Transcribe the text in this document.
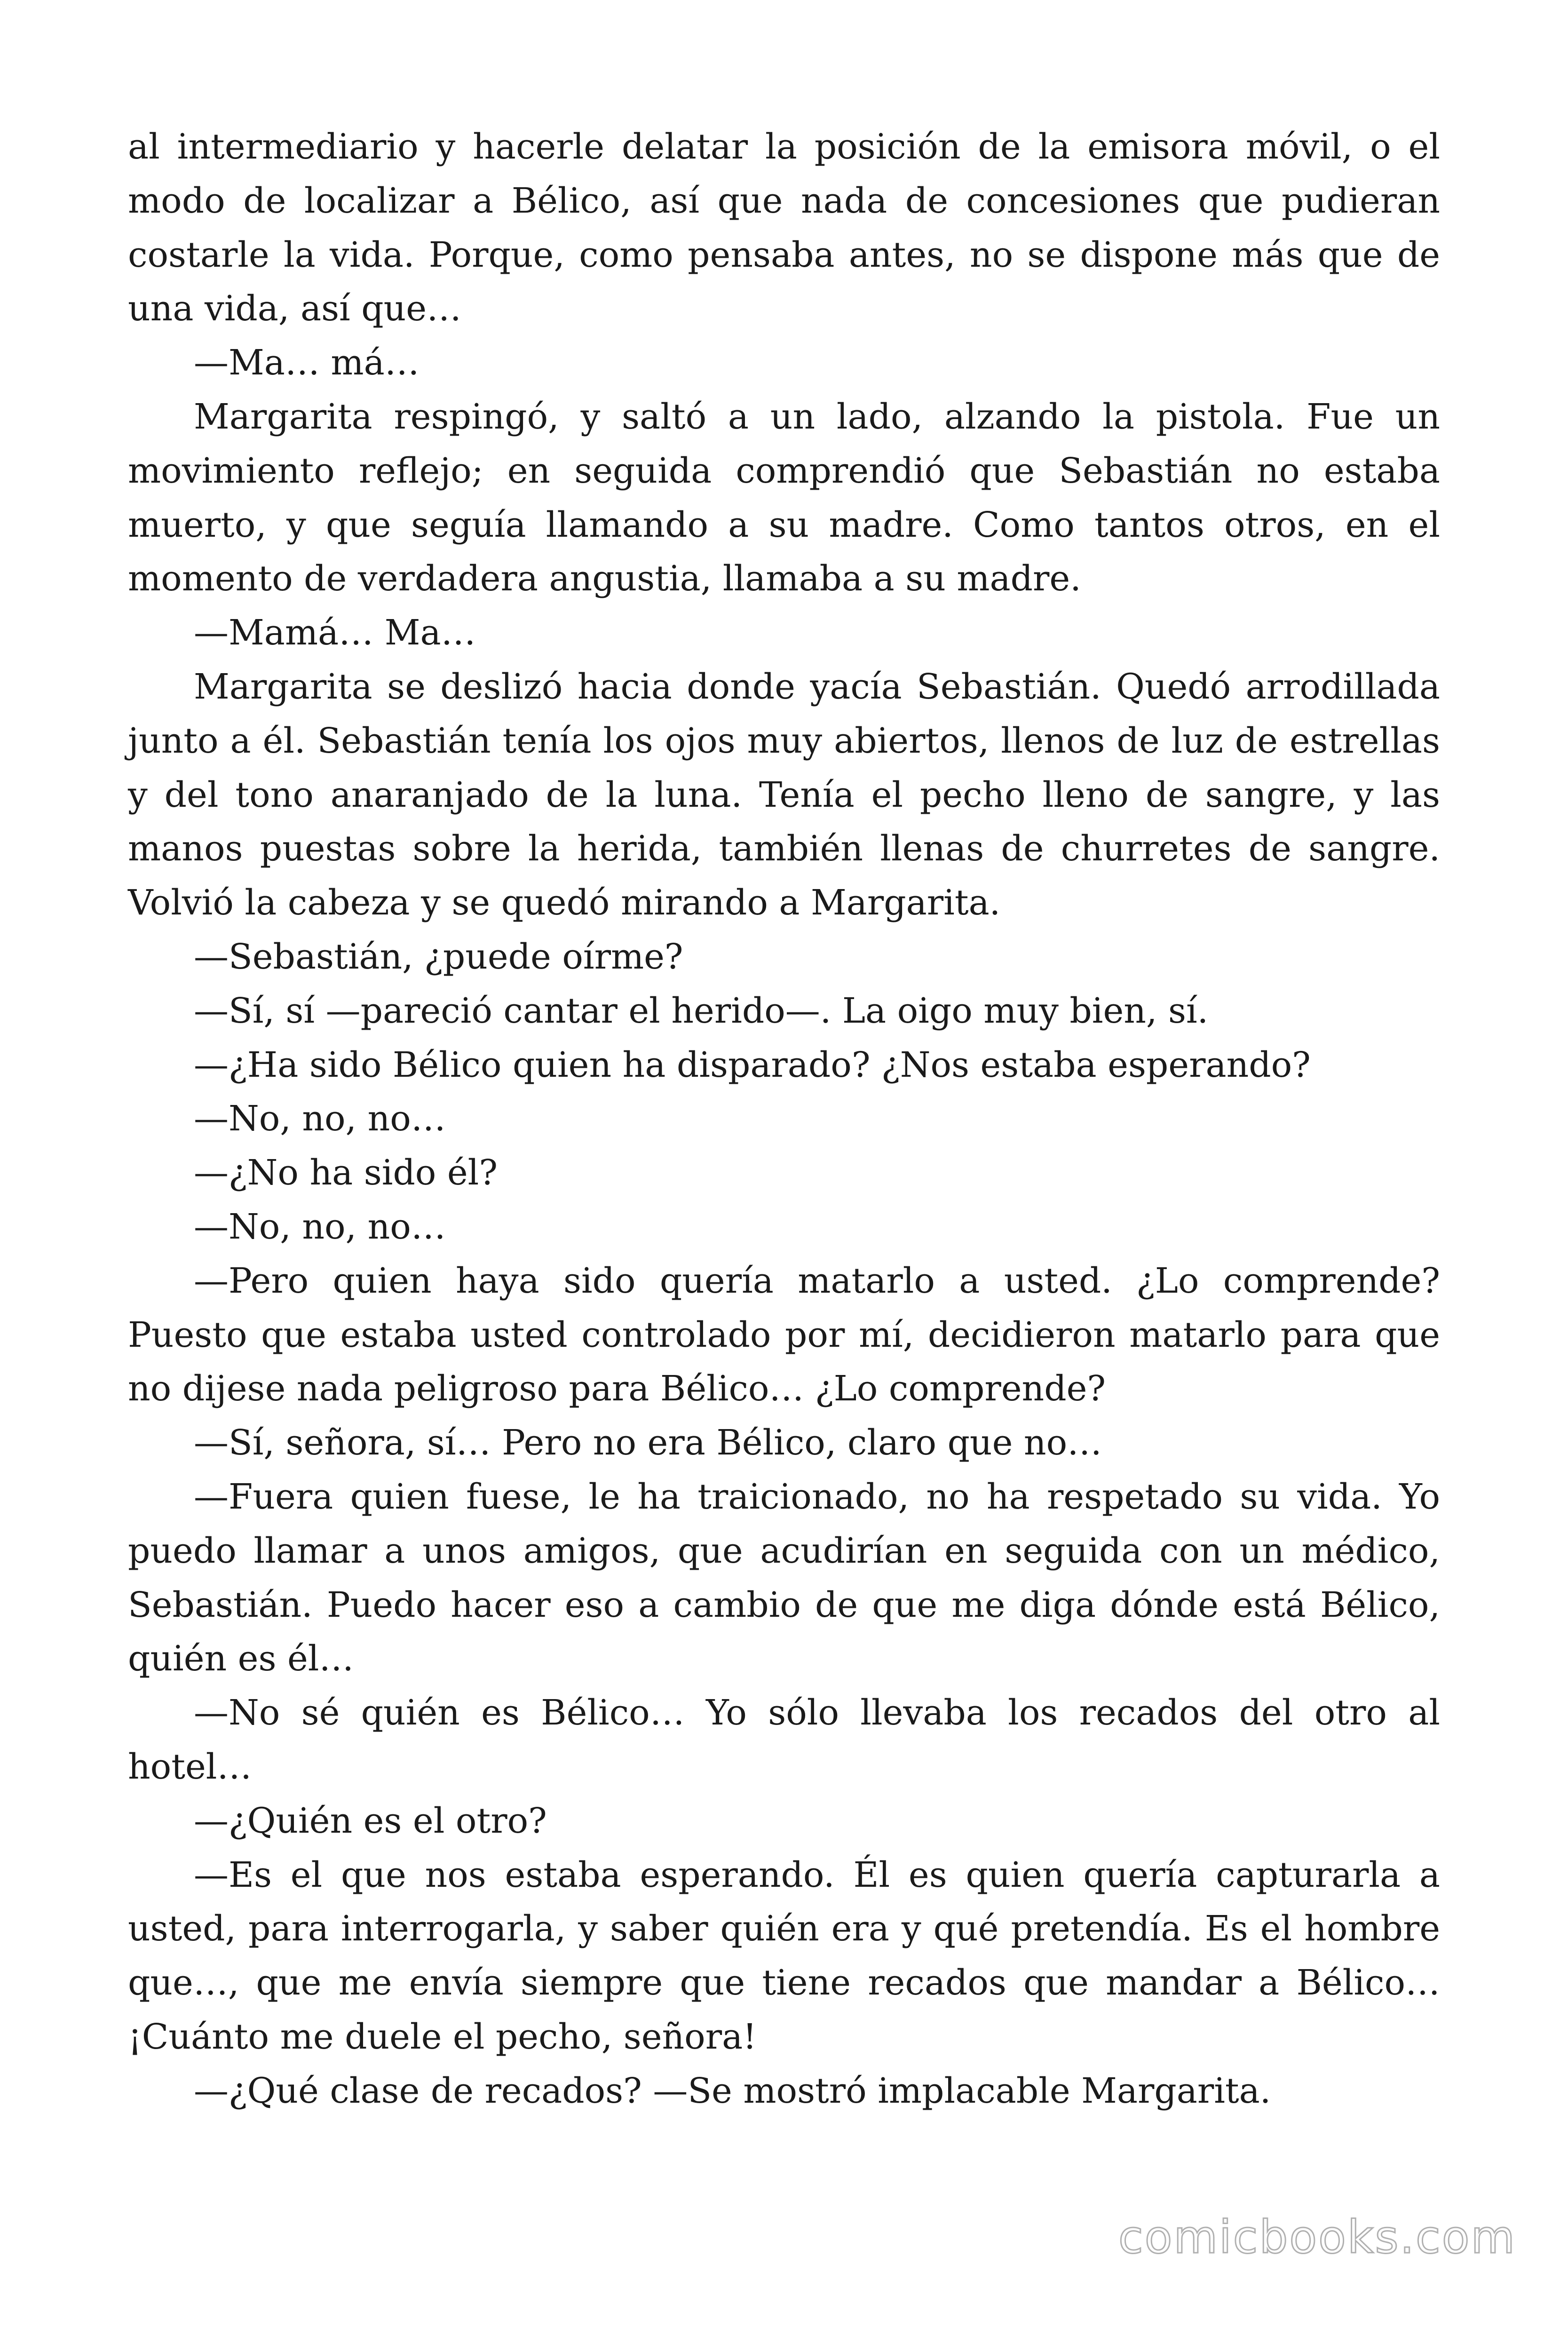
al intermediario y hacerle delatar la posición de la emisora móvil, o el modo de localizar a Bélico, así que nada de concesiones que pudieran costarle la vida. Porque, como pensaba antes, no se dispone más que de una vida, así que…

—Ma… má…

Margarita respingó, y saltó a un lado, alzando la pistola. Fue un movimiento reflejo; en seguida comprendió que Sebastián no estaba muerto, y que seguía llamando a su madre. Como tantos otros, en el momento de verdadera angustia, llamaba a su madre.

—Mamá… Ma…

Margarita se deslizó hacia donde yacía Sebastián. Quedó arrodillada junto a él. Sebastián tenía los ojos muy abiertos, llenos de luz de estrellas y del tono anaranjado de la luna. Tenía el pecho lleno de sangre, y las manos puestas sobre la herida, también llenas de churretes de sangre. Volvió la cabeza y se quedó mirando a Margarita.

—Sebastián, ¿puede oírme?

—Sí, sí —pareció cantar el herido—. La oigo muy bien, sí.

—¿Ha sido Bélico quien ha disparado? ¿Nos estaba esperando?

—No, no, no…

—¿No ha sido él?

—No, no, no…

—Pero quien haya sido quería matarlo a usted. ¿Lo comprende? Puesto que estaba usted controlado por mí, decidieron matarlo para que no dijese nada peligroso para Bélico… ¿Lo comprende?

—Sí, señora, sí… Pero no era Bélico, claro que no…

—Fuera quien fuese, le ha traicionado, no ha respetado su vida. Yo puedo llamar a unos amigos, que acudirían en seguida con un médico, Sebastián. Puedo hacer eso a cambio de que me diga dónde está Bélico, quién es él…

—No sé quién es Bélico… Yo sólo llevaba los recados del otro al hotel…

—¿Quién es el otro?

—Es el que nos estaba esperando. Él es quien quería capturarla a usted, para interrogarla, y saber quién era y qué pretendía. Es el hombre que…, que me envía siempre que tiene recados que mandar a Bélico… ¡Cuánto me duele el pecho, señora!

—¿Qué clase de recados? —Se mostró implacable Margarita.

comicbooks.com
